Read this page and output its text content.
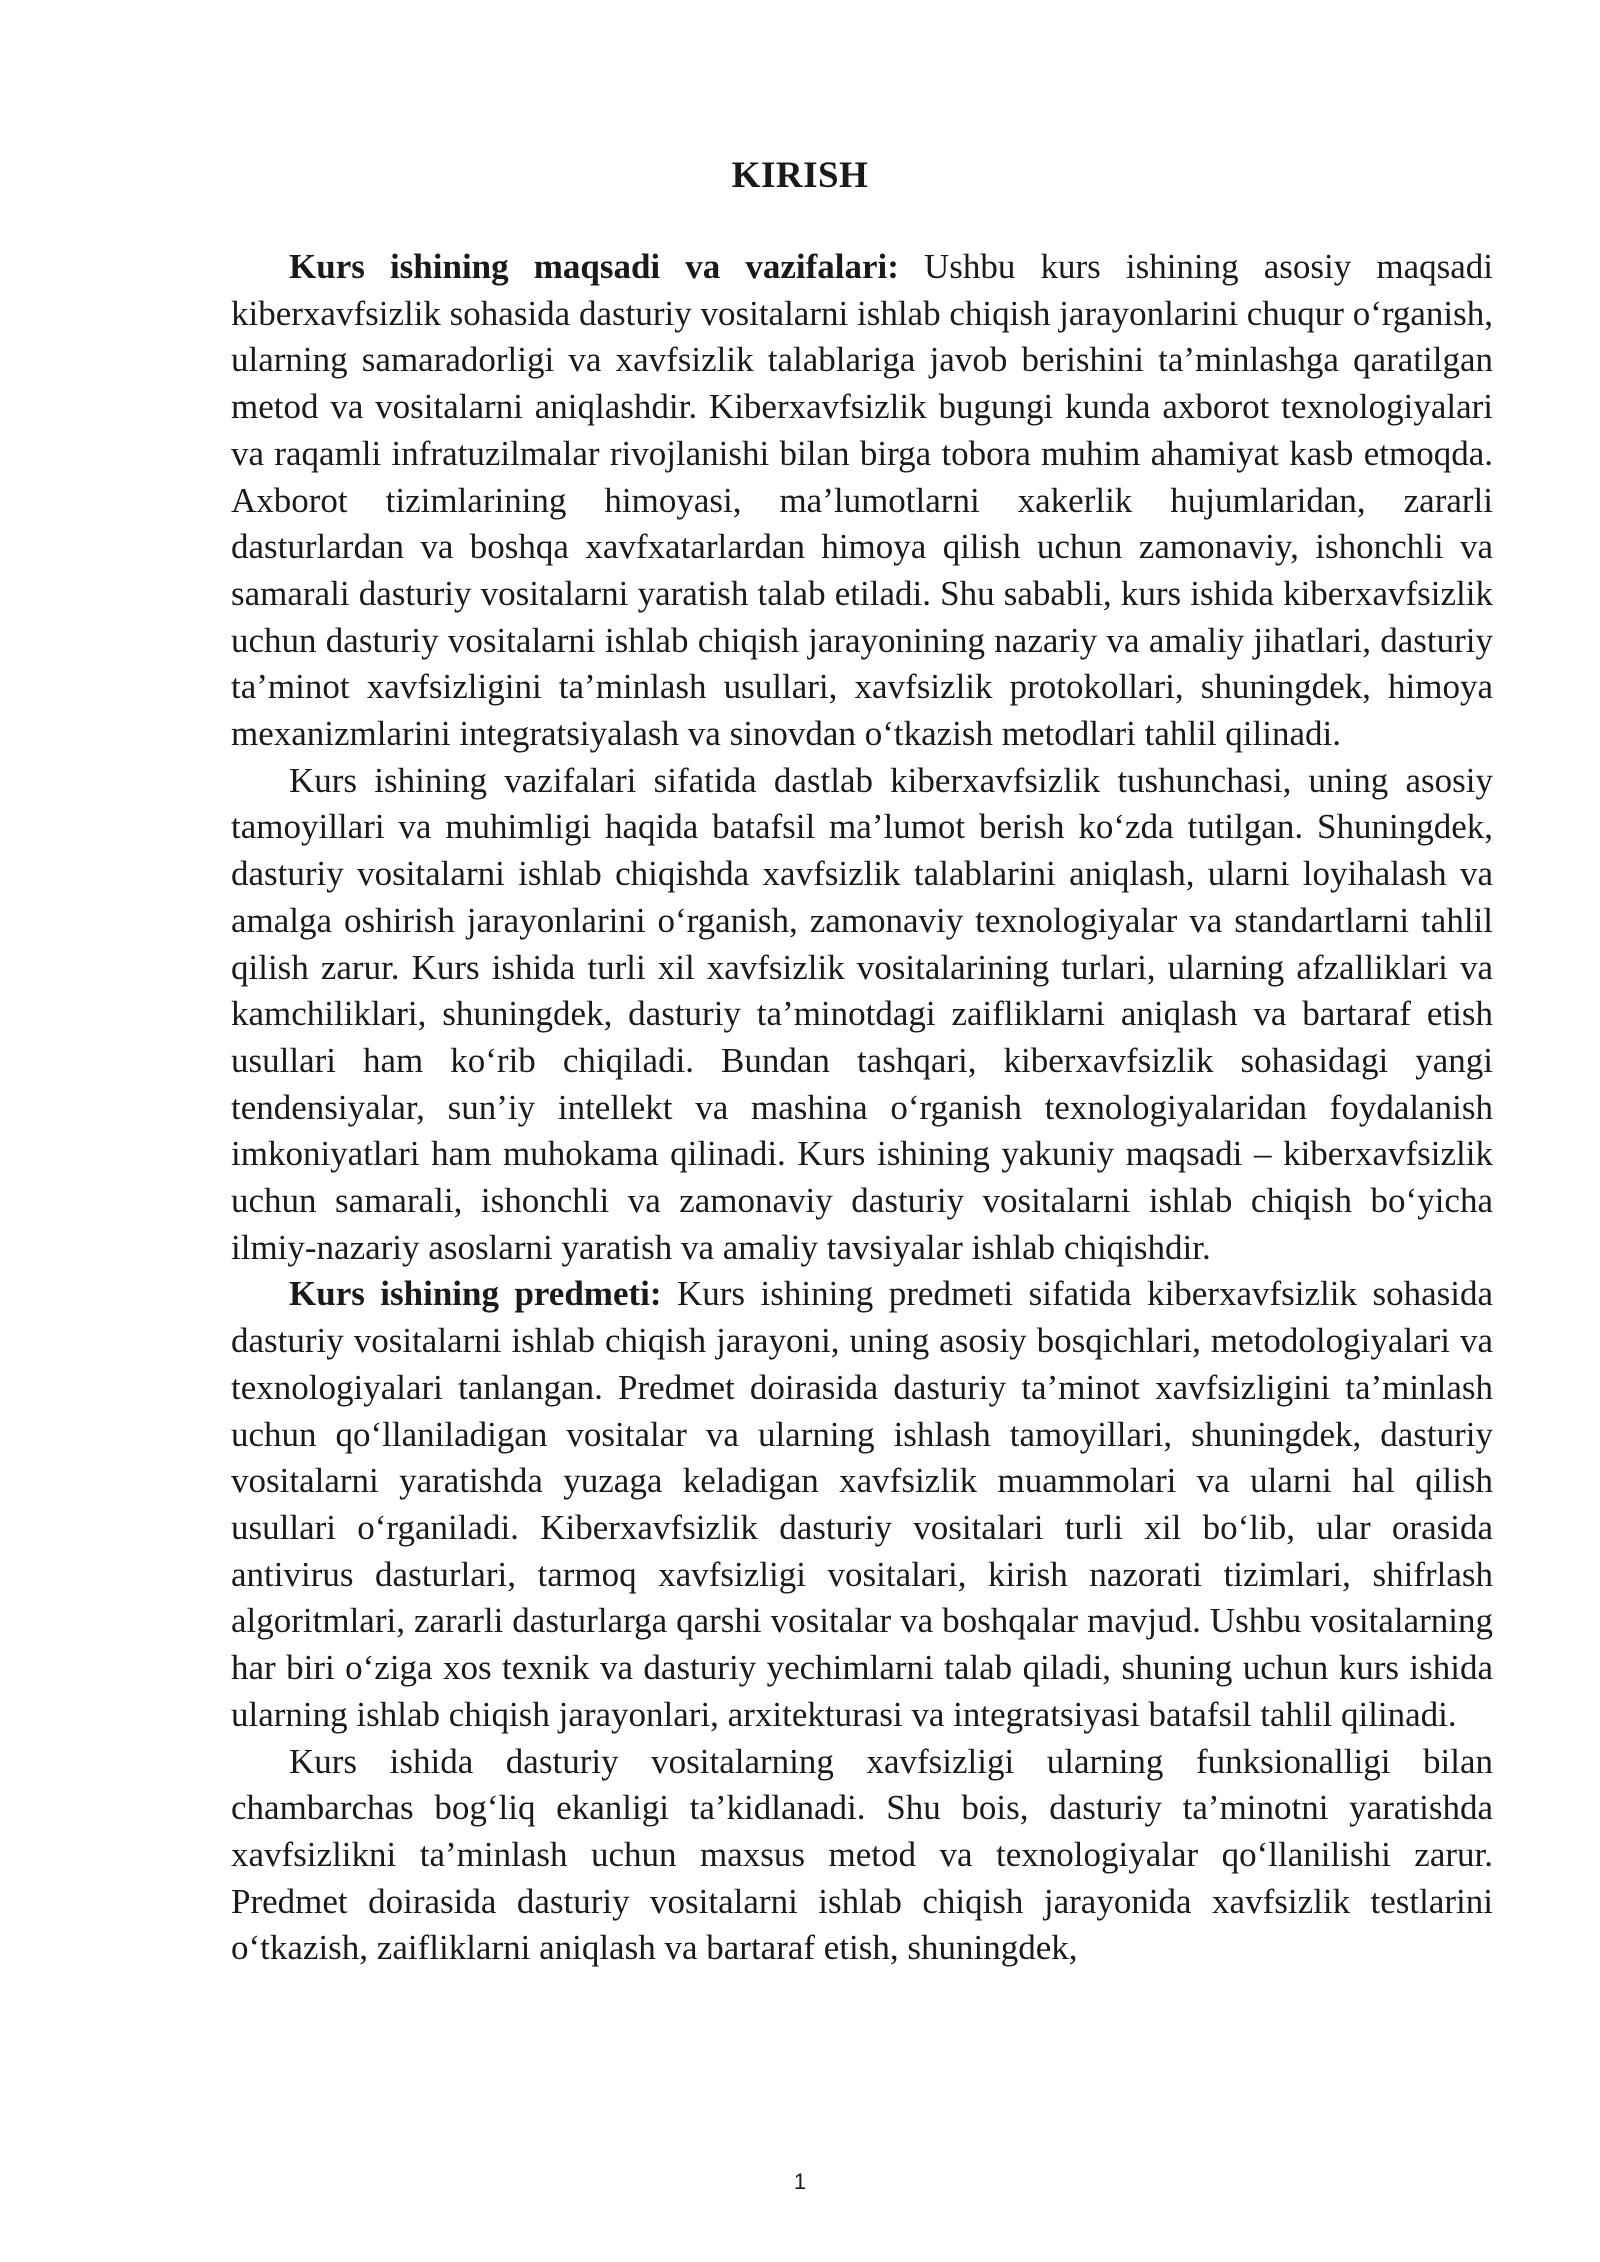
KIRISH

Kurs ishining maqsadi va vazifalari: Ushbu kurs ishining asosiy maqsadi kiberxavfsizlik sohasida dasturiy vositalarni ishlab chiqish jarayonlarini chuqur o‘rganish, ularning samaradorligi va xavfsizlik talablariga javob berishini ta’minlashga qaratilgan metod va vositalarni aniqlashdir. Kiberxavfsizlik bugungi kunda axborot texnologiyalari va raqamli infratuzilmalar rivojlanishi bilan birga tobora muhim ahamiyat kasb etmoqda. Axborot tizimlarining himoyasi, ma’lumotlarni xakerlik hujumlaridan, zararli dasturlardan va boshqa xavfxatarlardan himoya qilish uchun zamonaviy, ishonchli va samarali dasturiy vositalarni yaratish talab etiladi. Shu sababli, kurs ishida kiberxavfsizlik uchun dasturiy vositalarni ishlab chiqish jarayonining nazariy va amaliy jihatlari, dasturiy ta’minot xavfsizligini ta’minlash usullari, xavfsizlik protokollari, shuningdek, himoya mexanizmlarini integratsiyalash va sinovdan o‘tkazish metodlari tahlil qilinadi.

Kurs ishining vazifalari sifatida dastlab kiberxavfsizlik tushunchasi, uning asosiy tamoyillari va muhimligi haqida batafsil ma’lumot berish ko‘zda tutilgan. Shuningdek, dasturiy vositalarni ishlab chiqishda xavfsizlik talablarini aniqlash, ularni loyihalash va amalga oshirish jarayonlarini o‘rganish, zamonaviy texnologiyalar va standartlarni tahlil qilish zarur. Kurs ishida turli xil xavfsizlik vositalarining turlari, ularning afzalliklari va kamchiliklari, shuningdek, dasturiy ta’minotdagi zaifliklarni aniqlash va bartaraf etish usullari ham ko‘rib chiqiladi. Bundan tashqari, kiberxavfsizlik sohasidagi yangi tendensiyalar, sun’iy intellekt va mashina o‘rganish texnologiyalaridan foydalanish imkoniyatlari ham muhokama qilinadi. Kurs ishining yakuniy maqsadi – kiberxavfsizlik uchun samarali, ishonchli va zamonaviy dasturiy vositalarni ishlab chiqish bo‘yicha ilmiy-nazariy asoslarni yaratish va amaliy tavsiyalar ishlab chiqishdir.

Kurs ishining predmeti: Kurs ishining predmeti sifatida kiberxavfsizlik sohasida dasturiy vositalarni ishlab chiqish jarayoni, uning asosiy bosqichlari, metodologiyalari va texnologiyalari tanlangan. Predmet doirasida dasturiy ta’minot xavfsizligini ta’minlash uchun qo‘llaniladigan vositalar va ularning ishlash tamoyillari, shuningdek, dasturiy vositalarni yaratishda yuzaga keladigan xavfsizlik muammolari va ularni hal qilish usullari o‘rganiladi. Kiberxavfsizlik dasturiy vositalari turli xil bo‘lib, ular orasida antivirus dasturlari, tarmoq xavfsizligi vositalari, kirish nazorati tizimlari, shifrlash algoritmlari, zararli dasturlarga qarshi vositalar va boshqalar mavjud. Ushbu vositalarning har biri o‘ziga xos texnik va dasturiy yechimlarni talab qiladi, shuning uchun kurs ishida ularning ishlab chiqish jarayonlari, arxitekturasi va integratsiyasi batafsil tahlil qilinadi.

Kurs ishida dasturiy vositalarning xavfsizligi ularning funksionalligi bilan chambarchas bog‘liq ekanligi ta’kidlanadi. Shu bois, dasturiy ta’minotni yaratishda xavfsizlikni ta’minlash uchun maxsus metod va texnologiyalar qo‘llanilishi zarur. Predmet doirasida dasturiy vositalarni ishlab chiqish jarayonida xavfsizlik testlarini o‘tkazish, zaifliklarni aniqlash va bartaraf etish, shuningdek,

1
